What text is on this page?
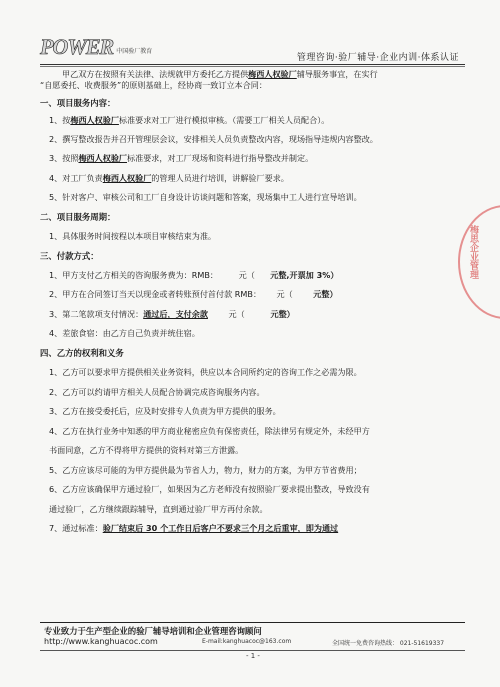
POWER 中国验厂教育
管理咨询·验厂辅导·企业内训·体系认证
甲乙双方在按照有关法律、法规就甲方委托乙方提供梅西人权验厂辅导服务事宜，在实行
“自愿委托、收费服务”的原则基础上，经协商一致订立本合同：
一、项目服务内容：
1、按梅西人权验厂标准要求对工厂进行模拟审核。（需要工厂相关人员配合）。
2、撰写整改报告并召开管理层会议，安排相关人员负责整改内容，现场指导违规内容整改。
3、按照梅西人权验厂标准要求，对工厂现场和资料进行指导整改并制定。
4、对工厂负责梅西人权验厂的管理人员进行培训，讲解验厂要求。
5、针对客户、审核公司和工厂自身设计访谈问题和答案，现场集中工人进行宣导培训。
二、项目服务周期：
1、具体服务时间按程以本项目审核结束为准。
三、付款方式：
1、甲方支付乙方相关的咨询服务费为：RMB：	元（ 元整,开票加 3%）
2、甲方在合同签订当天以现金或者转账预付首付款 RMB： 元（	元整）
3、第二笔款项支付情况：通过后，支付余款	元（	元整）
4、差旅食宿：由乙方自己负责并统住宿。
四、乙方的权利和义务
1、乙方可以要求甲方提供相关业务资料，供应以本合同所约定的咨询工作之必需为限。
2、乙方可以约请甲方相关人员配合协调完成咨询服务内容。
3、乙方在接受委托后，应及时安排专人负责为甲方提供的服务。
4、乙方在执行业务中知悉的甲方商业秘密应负有保密责任，除法律另有规定外，未经甲方
书面同意，乙方不得将甲方提供的资料对第三方泄露。
5、乙方应该尽可能的为甲方提供最为节省人力，物力，财力的方案，为甲方节省费用；
6、乙方应该确保甲方通过验厂，如果因为乙方老师没有按照验厂要求提出整改，导致没有
通过验厂，乙方继续跟踪辅导，直到通过验厂甲方再付余款。
7、通过标准：验厂结束后 30 个工作日后客户不要求三个月之后重审，即为通过
梅思企业管理
专业致力于生产型企业的验厂辅导培训和企业管理咨询顾问
http://www.kanghuacoc.com	E-mail:kanghuacoc@163.com	全国统一免费咨询热线： 021-51619337
- 1 -
